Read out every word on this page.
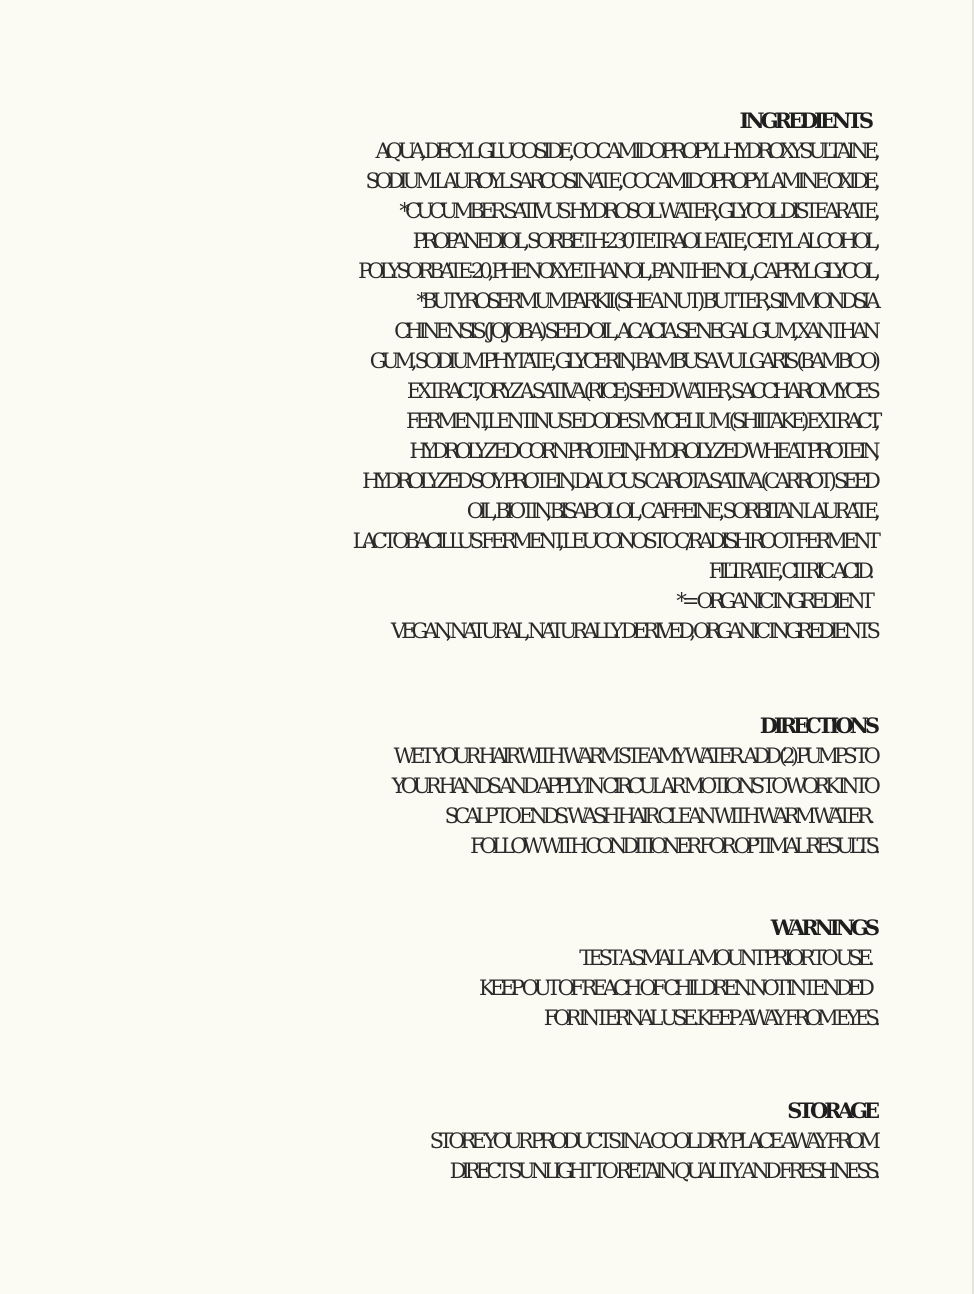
INGREDIENTS
AQUA, DECYL GLUCOSIDE, COCAMIDOPROPYL HYDROXYSULTAINE,
SODIUM LAUROYL SARCOSINATE, COCAMIDOPROPYLAMINE OXIDE,
*CUCUMBER SATIVUS HYDROSOL WATER, GLYCOL DISTEARATE,
PROPANEDIOL, SORBETH-230 TETRAOLEATE, CETYL ALCOHOL,
POLYSORBATE-20, PHENOXYETHANOL, PANTHENOL, CAPRYL GLYCOL,
*BUTYROSERMUM PARKII (SHEA NUT) BUTTER, SIMMONDSIA
CHINENSIS (JOJOBA) SEED OIL, ACACIA SENEGAL GUM, XANTHAN
GUM, SODIUM PHYTATE, GLYCERIN, BAMBUSA VULGARIS (BAMBOO)
EXTRACT, ORYZA SATIVA (RICE) SEED WATER, SACCHAROMYCES
FERMENT, LENTINUS EDODES MYCELIUM (SHIITAKE) EXTRACT,
HYDROLYZED CORN PROTEIN, HYDROLYZED WHEAT PROTEIN,
HYDROLYZED SOY PROTEIN, DAUCUS CAROTA SATIVA (CARROT) SEED
OIL, BIOTIN, BISABOLOL, CAFFEINE, SORBITAN LAURATE,
LACTOBACILLUS FERMENT, LEUCONOSTOC/RADISH ROOT FERMENT
FILTRATE, CITRIC ACID.
*= ORGANIC INGREDIENT
VEGAN, NATURAL, NATURALLY DERIVED, ORGANIC INGREDIENTS
DIRECTIONS
WET YOUR HAIR WITH WARM STEAMY WATER. ADD (2) PUMPS TO
YOUR HANDS AND APPLY IN CIRCULAR MOTIONS TO WORK INTO
SCALP TO ENDS. WASH HAIR CLEAN WITH WARM WATER.
FOLLOW WITH CONDITIONER FOR OPTIMAL RESULTS.
WARNINGS
TEST A SMALL AMOUNT PRIOR TO USE.
KEEP OUT OF REACH OF CHILDREN. NOT INTENDED
FOR INTERNAL USE. KEEP AWAY FROM EYES.
STORAGE
STORE YOUR PRODUCTS IN A COOL DRY PLACE AWAY FROM
DIRECT SUNLIGHT TO RETAIN QUALITY AND FRESHNESS.
